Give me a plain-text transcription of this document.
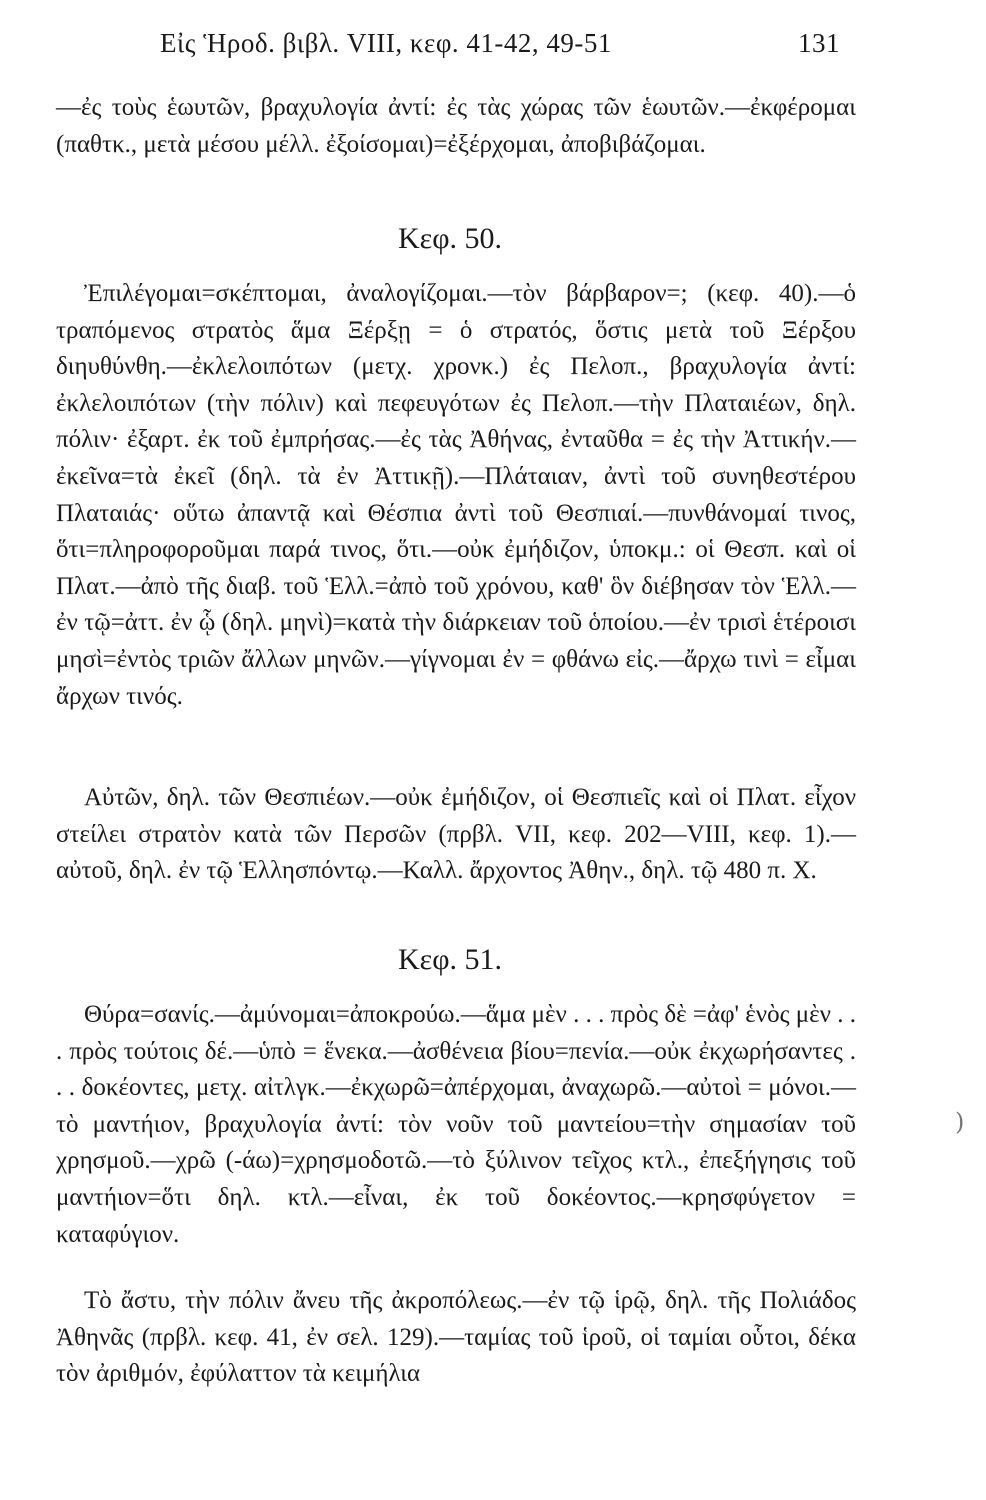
Εἰς Ἡροδ. βιβλ. VIII, κεφ. 41-42, 49-51	131
—ἐς τοὺς ἑωυτῶν, βραχυλογία ἀντί: ἐς τὰς χώρας τῶν ἑωυτῶν.—ἐκφέρομαι (παθτκ., μετὰ μέσου μέλλ. ἐξοίσομαι)=ἐξέρχομαι, ἀποβιβάζομαι.
Κεφ. 50.
Ἐπιλέγομαι=σκέπτομαι, ἀναλογίζομαι.—τὸν βάρβαρον=; (κεφ. 40).—ὁ τραπόμενος στρατὸς ἅμα Ξέρξῃ = ὁ στρατός, ὅστις μετὰ τοῦ Ξέρξου διηυθύνθη.—ἐκλελοιπότων (μετχ. χρονκ.) ἐς Πελοπ., βραχυλογία ἀντί: ἐκλελοιπότων (τὴν πόλιν) καὶ πεφευγότων ἐς Πελοπ.—τὴν Πλαταιέων, δηλ. πόλιν· ἐξαρτ. ἐκ τοῦ ἐμπρήσας.—ἐς τὰς Ἀθήνας, ἐνταῦθα = ἐς τὴν Ἀττικήν.—ἐκεῖνα=τὰ ἐκεῖ (δηλ. τὰ ἐν Ἀττικῇ).—Πλάταιαν, ἀντὶ τοῦ συνηθεστέρου Πλαταιάς· οὕτω ἀπαντᾷ καὶ Θέσπια ἀντὶ τοῦ Θεσπιαί.—πυνθάνομαί τινος, ὅτι=πληροφοροῦμαι παρά τινος, ὅτι.—οὐκ ἐμήδιζον, ὑποκμ.: οἱ Θεσπ. καὶ οἱ Πλατ.—ἀπὸ τῆς διαβ. τοῦ Ἑλλ.=ἀπὸ τοῦ χρόνου, καθ' ὃν διέβησαν τὸν Ἑλλ.—ἐν τῷ=ἀττ. ἐν ᾧ (δηλ. μηνὶ)=κατὰ τὴν διάρκειαν τοῦ ὁποίου.—ἐν τρισὶ ἑτέροισι μησὶ=ἐντὸς τριῶν ἄλλων μηνῶν.—γίγνομαι ἐν = φθάνω εἰς.—ἄρχω τινὶ = εἶμαι ἄρχων τινός.
Αὐτῶν, δηλ. τῶν Θεσπιέων.—οὐκ ἐμήδιζον, οἱ Θεσπιεῖς καὶ οἱ Πλατ. εἶχον στείλει στρατὸν κατὰ τῶν Περσῶν (πρβλ. VII, κεφ. 202—VIII, κεφ. 1).—αὐτοῦ, δηλ. ἐν τῷ Ἑλλησπόντῳ.—Καλλ. ἄρχοντος Ἀθην., δηλ. τῷ 480 π. Χ.
Κεφ. 51.
Θύρα=σανίς.—ἀμύνομαι=ἀποκρούω.—ἅμα μὲν . . . πρὸς δὲ =ἀφ' ἑνὸς μὲν . . . πρὸς τούτοις δέ.—ὑπὸ = ἕνεκα.—ἀσθένεια βίου=πενία.—οὐκ ἐκχωρήσαντες . . . δοκέοντες, μετχ. αἰτλγκ.—ἐκχωρῶ=ἀπέρχομαι, ἀναχωρῶ.—αὐτοὶ = μόνοι.—τὸ μαντήιον, βραχυλογία ἀντί: τὸν νοῦν τοῦ μαντείου=τὴν σημασίαν τοῦ χρησμοῦ.—χρῶ (-άω)=χρησμοδοτῶ.—τὸ ξύλινον τεῖχος κτλ., ἐπεξήγησις τοῦ μαντήιον=ὅτι δηλ. κτλ.—εἶναι, ἐκ τοῦ δοκέοντος.—κρησφύγετον = καταφύγιον.
Τὸ ἄστυ, τὴν πόλιν ἄνευ τῆς ἀκροπόλεως.—ἐν τῷ ἱρῷ, δηλ. τῆς Πολιάδος Ἀθηνᾶς (πρβλ. κεφ. 41, ἐν σελ. 129).—ταμίας τοῦ ἱροῦ, οἱ ταμίαι οὗτοι, δέκα τὸν ἀριθμόν, ἐφύλαττον τὰ κειμήλια
)
